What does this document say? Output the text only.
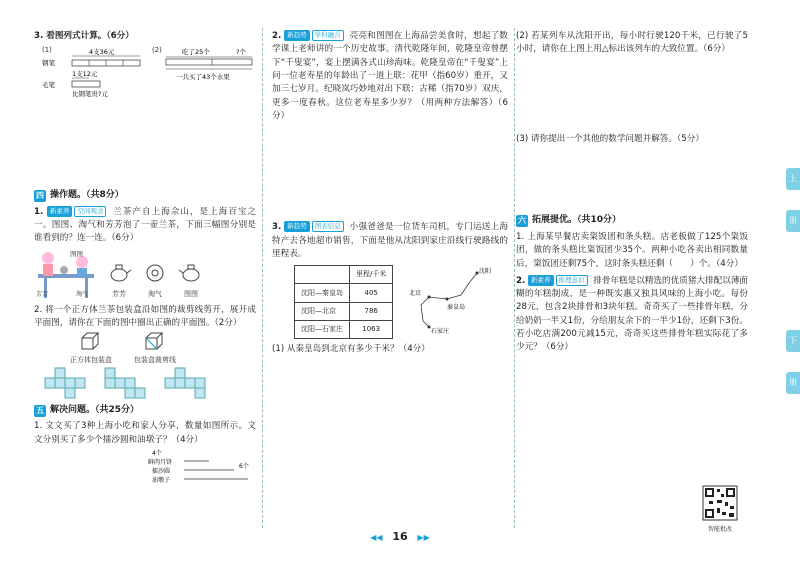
3. 看图列式计算。（6分）
(1)	4支36元
钢笔
1支12元
毛笔
比钢笔贵?元
(2)	吃了25个	?个
一共买了43个水果
四 操作题。（共8分）
1. 新素养 空间观念 兰茶产自上海佘山，是上海百宝之一。图图、淘气和芳芳泡了一壶兰茶，下面三幅图分别是谁看到的？连一连。（6分）
图图
芳芳	淘气	芳芳	淘气	图图
2. 将一个正方体兰茶包装盒沿如图的裁剪线剪开，展开成平面图，请你在下面的图中圈出正确的平面图。（2分）
正方体包装盒	包装盒裁剪线
五 解决问题。（共25分）
1. 文文买了3种上海小吃和家人分享，数量如图所示。文文分别买了多少个擂沙圆和油墩子？（4分）
4个
鲜肉月饼
擂沙圆
6个
油墩子
2. 新趋势 学科融合 亮亮和图图在上海品尝美食时，想起了数学课上老师讲的一个历史故事。清代乾隆年间，乾隆皇帝曾摆下“千叟宴”，宴上摆满各式山珍海味。乾隆皇帝在“千叟宴”上问一位老寿星的年龄出了一道上联：花甲（指60岁）重开，又加三七岁月。纪晓岚巧妙地对出下联：古稀（指70岁）双庆，更多一度春秋。这位老寿星多少岁？（用两种方法解答）（6分）
3. 新趋势 图表信息 小强爸爸是一位货车司机，专门运送上海特产去各地超市销售，下面是他从沈阳到家庄沿线行驶路线的里程表。
	里程/千米
沈阳—秦皇岛	405
沈阳—北京	786
沈阳—石家庄	1063
沈阳
北京
秦皇岛
石家庄
(1) 从秦皇岛到北京有多少千米？（4分）
(2) 若某列车从沈阳开出，每小时行驶120千米，已行驶了5小时，请你在上图上用△标出该列车的大致位置。（6分）
(3) 请你提出一个其他的数学问题并解答。（5分）
六 拓展提优。（共10分）
1. 上海某早餐店卖粢饭团和条头糕。店老板做了125个粢饭团，做的条头糕比粢饭团少35个。两种小吃各卖出相同数量后，粢饭团还剩75个，这时条头糕还剩（　　）个。（4分）
2. 新素养 推理意识 排骨年糕是以精选的优质猪大排配以薄面糊的年糕制成，是一种既实惠又独具风味的上海小吃。每份28元，包含2块排骨和3块年糕。奇奇买了一些排骨年糕，分给奶奶一半又1份，分给朋友余下的一半少1份，还剩下3份。若小吃店满200元减15元，奇奇买这些排骨年糕实际花了多少元？（6分）
智能批改
上
册
下
册
◀◀ 16 ▶▶
